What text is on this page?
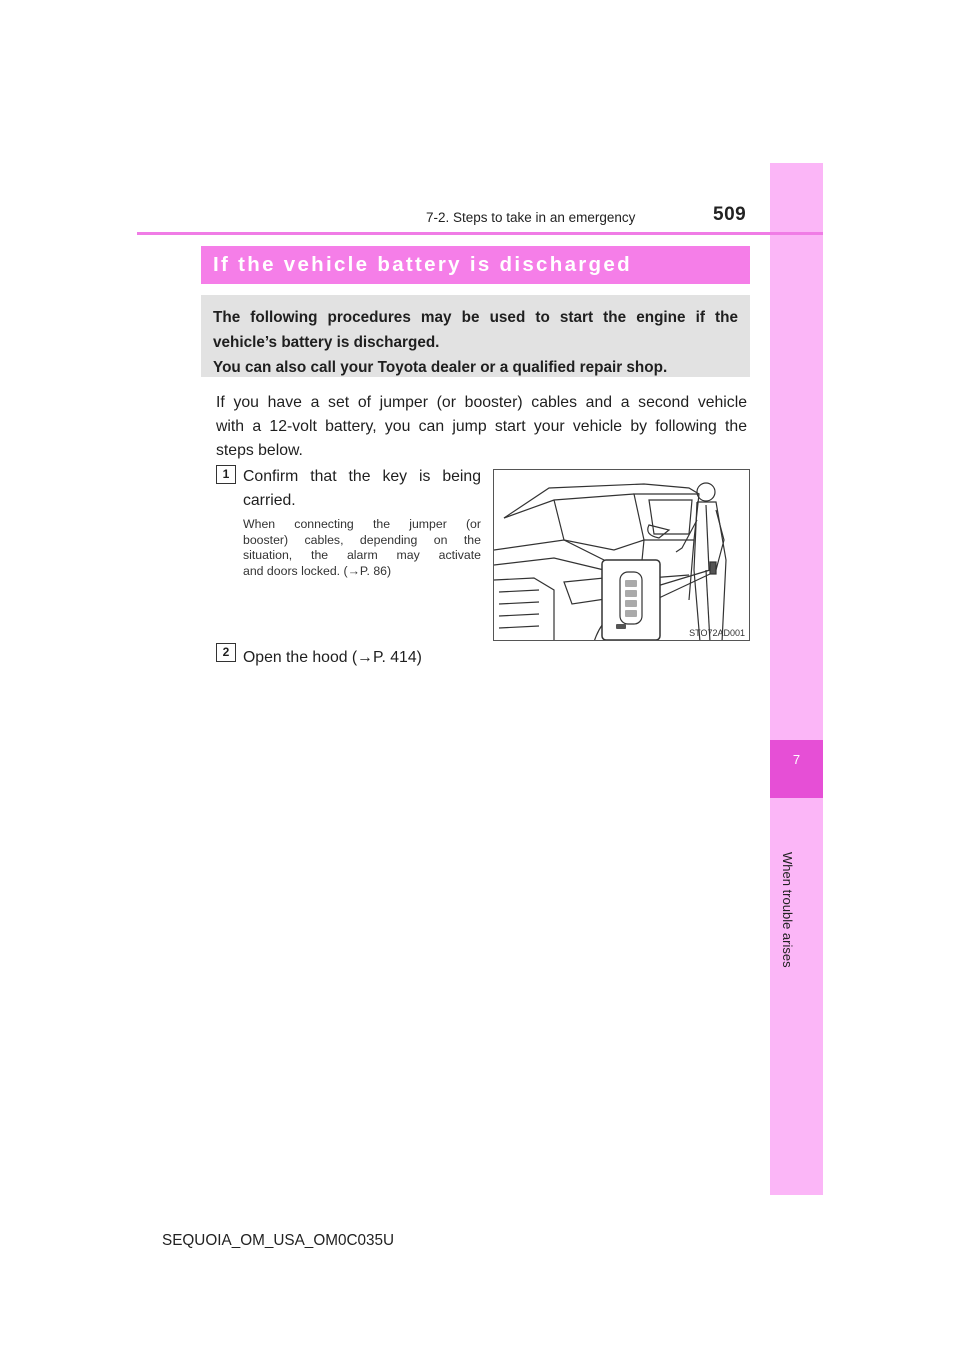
7
When trouble arises
7-2. Steps to take in an emergency	509
If the vehicle battery is discharged

The following procedures may be used to start the engine if the

vehicle’s battery is discharged.

You can also call your Toyota dealer or a qualified repair shop.

If you have a set of jumper (or booster) cables and a second vehicle
with a 12-volt battery, you can jump start your vehicle by following the
steps below.
1 Confirm that the key is being
carried.
When connecting the jumper (or
booster) cables, depending on the
situation, the alarm may activate
and doors locked. (→P. 86)
STO72AD001
2 Open the hood (→P. 414)
SEQUOIA_OM_USA_OM0C035U
